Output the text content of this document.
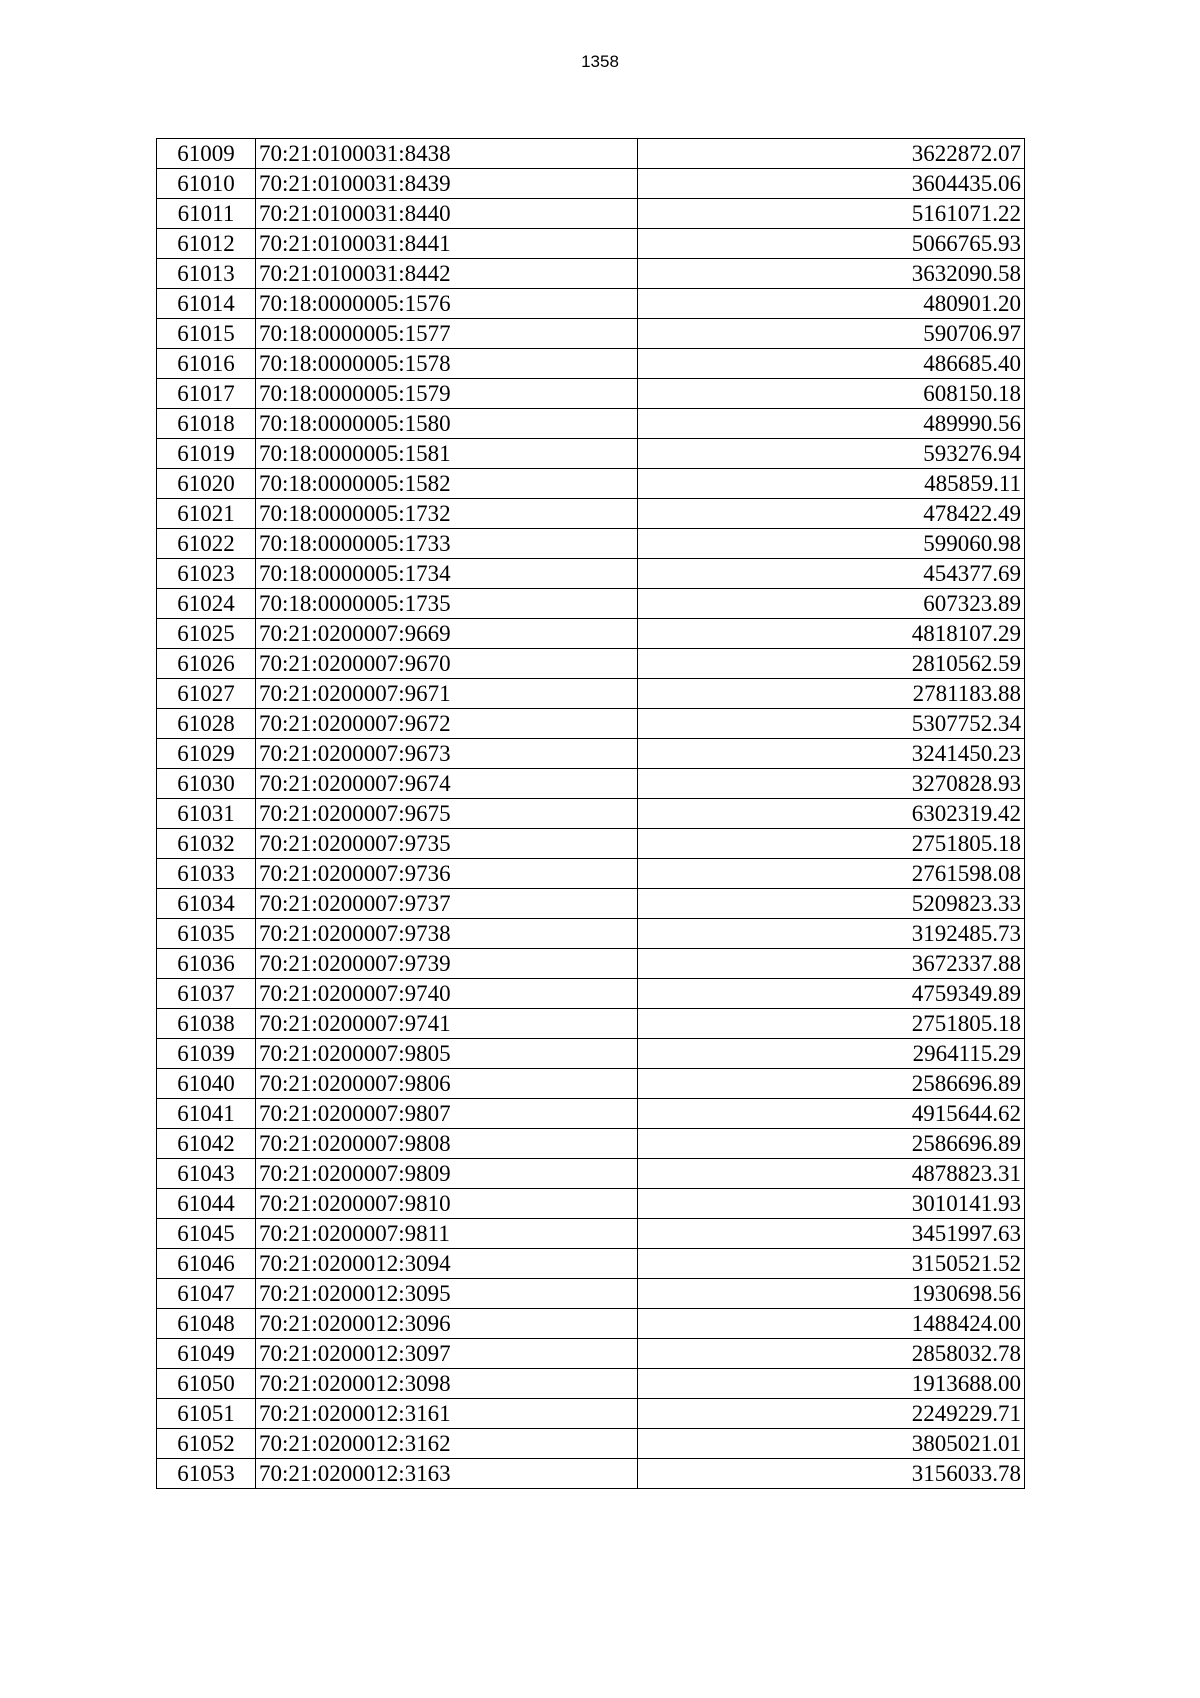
1358
61009	70:21:0100031:8438	3622872.07
61010	70:21:0100031:8439	3604435.06
61011	70:21:0100031:8440	5161071.22
61012	70:21:0100031:8441	5066765.93
61013	70:21:0100031:8442	3632090.58
61014	70:18:0000005:1576	480901.20
61015	70:18:0000005:1577	590706.97
61016	70:18:0000005:1578	486685.40
61017	70:18:0000005:1579	608150.18
61018	70:18:0000005:1580	489990.56
61019	70:18:0000005:1581	593276.94
61020	70:18:0000005:1582	485859.11
61021	70:18:0000005:1732	478422.49
61022	70:18:0000005:1733	599060.98
61023	70:18:0000005:1734	454377.69
61024	70:18:0000005:1735	607323.89
61025	70:21:0200007:9669	4818107.29
61026	70:21:0200007:9670	2810562.59
61027	70:21:0200007:9671	2781183.88
61028	70:21:0200007:9672	5307752.34
61029	70:21:0200007:9673	3241450.23
61030	70:21:0200007:9674	3270828.93
61031	70:21:0200007:9675	6302319.42
61032	70:21:0200007:9735	2751805.18
61033	70:21:0200007:9736	2761598.08
61034	70:21:0200007:9737	5209823.33
61035	70:21:0200007:9738	3192485.73
61036	70:21:0200007:9739	3672337.88
61037	70:21:0200007:9740	4759349.89
61038	70:21:0200007:9741	2751805.18
61039	70:21:0200007:9805	2964115.29
61040	70:21:0200007:9806	2586696.89
61041	70:21:0200007:9807	4915644.62
61042	70:21:0200007:9808	2586696.89
61043	70:21:0200007:9809	4878823.31
61044	70:21:0200007:9810	3010141.93
61045	70:21:0200007:9811	3451997.63
61046	70:21:0200012:3094	3150521.52
61047	70:21:0200012:3095	1930698.56
61048	70:21:0200012:3096	1488424.00
61049	70:21:0200012:3097	2858032.78
61050	70:21:0200012:3098	1913688.00
61051	70:21:0200012:3161	2249229.71
61052	70:21:0200012:3162	3805021.01
61053	70:21:0200012:3163	3156033.78
